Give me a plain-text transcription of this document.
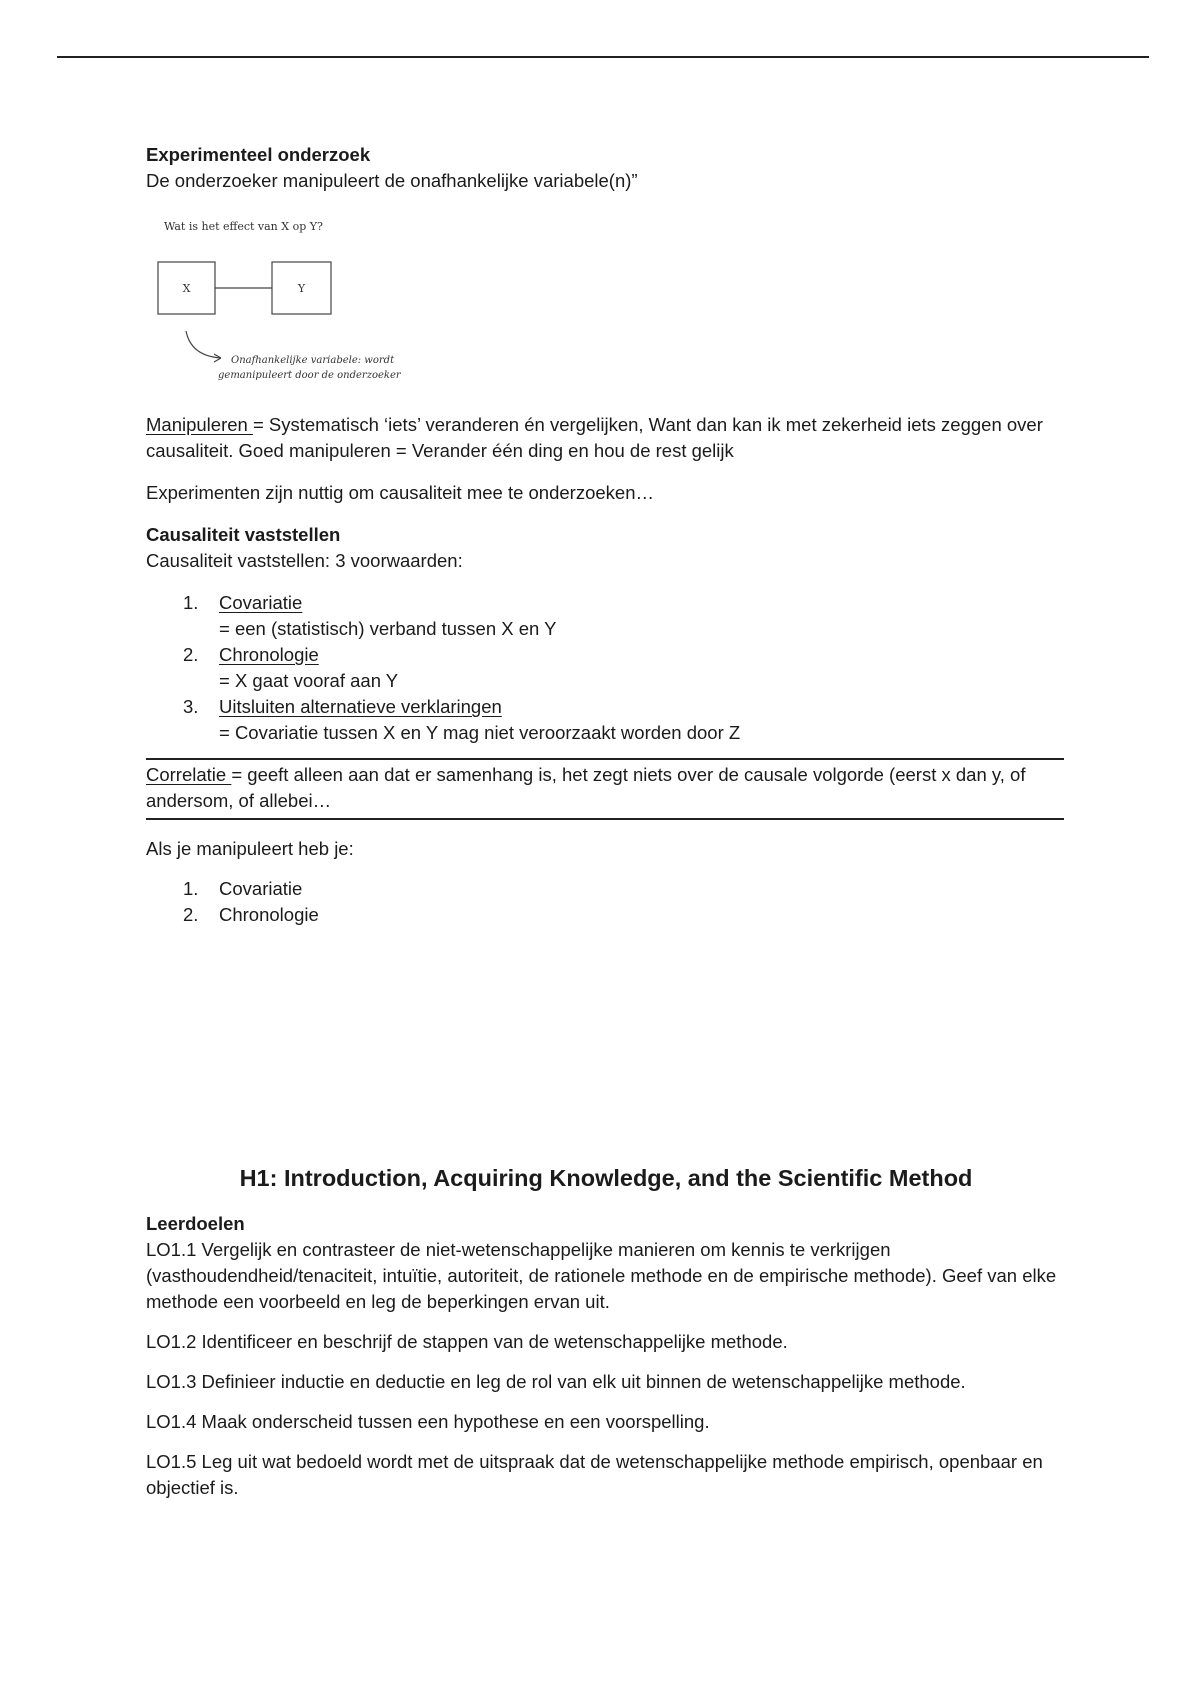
Experimenteel onderzoek

De onderzoeker manipuleert de onafhankelijke variabele(n)”

Wat is het effect van X op Y?
X	Y
Onafhankelijke variabele: wordt
gemanipuleert door de onderzoeker

Manipuleren = Systematisch ‘iets’ veranderen én vergelijken, Want dan kan ik met zekerheid iets zeggen over causaliteit. Goed manipuleren = Verander één ding en hou de rest gelijk

Experimenten zijn nuttig om causaliteit mee te onderzoeken…

Causaliteit vaststellen

Causaliteit vaststellen: 3 voorwaarden:

1. Covariatie
= een (statistisch) verband tussen X en Y
2. Chronologie
= X gaat vooraf aan Y
3. Uitsluiten alternatieve verklaringen
= Covariatie tussen X en Y mag niet veroorzaakt worden door Z

Correlatie = geeft alleen aan dat er samenhang is, het zegt niets over de causale volgorde (eerst x dan y, of andersom, of allebei…

Als je manipuleert heb je:

1. Covariatie
2. Chronologie

H1: Introduction, Acquiring Knowledge, and the Scientific Method

Leerdoelen

LO1.1 Vergelijk en contrasteer de niet-wetenschappelijke manieren om kennis te verkrijgen (vasthoudendheid/tenaciteit, intuïtie, autoriteit, de rationele methode en de empirische methode). Geef van elke methode een voorbeeld en leg de beperkingen ervan uit.

LO1.2 Identificeer en beschrijf de stappen van de wetenschappelijke methode.

LO1.3 Definieer inductie en deductie en leg de rol van elk uit binnen de wetenschappelijke methode.

LO1.4 Maak onderscheid tussen een hypothese en een voorspelling.

LO1.5 Leg uit wat bedoeld wordt met de uitspraak dat de wetenschappelijke methode empirisch, openbaar en objectief is.
